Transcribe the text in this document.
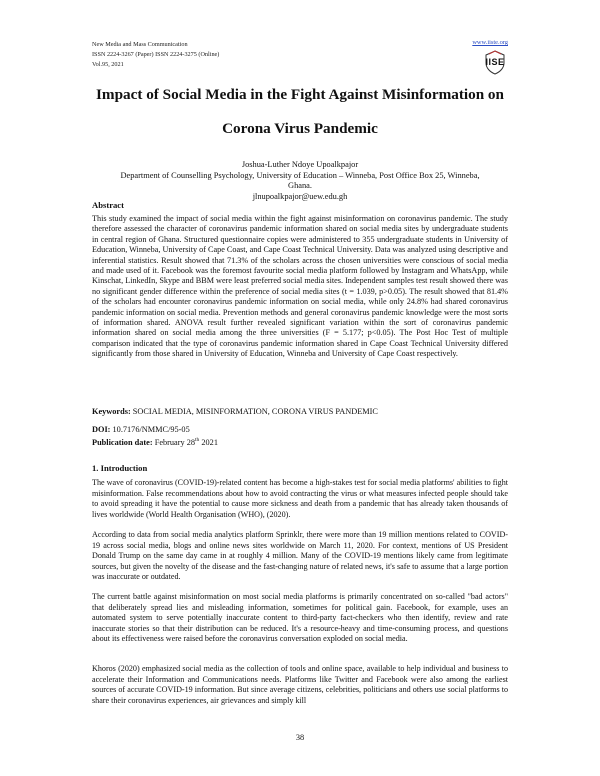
New Media and Mass Communication
ISSN 2224-3267 (Paper) ISSN 2224-3275 (Online)
Vol.95, 2021
www.iiste.org
IISE
Impact of Social Media in the Fight Against Misinformation on
Corona Virus Pandemic
Joshua-Luther Ndoye Upoalkpajor
Department of Counselling Psychology, University of Education – Winneba, Post Office Box 25, Winneba,
Ghana.
jlnupoalkpajor@uew.edu.gh
Abstract
This study examined the impact of social media within the fight against misinformation on coronavirus pandemic. The study therefore assessed the character of coronavirus pandemic information shared on social media sites by undergraduate students in central region of Ghana. Structured questionnaire copies were administered to 355 undergraduate students in University of Education, Winneba, University of Cape Coast, and Cape Coast Technical University. Data was analyzed using descriptive and inferential statistics. Result showed that 71.3% of the scholars across the chosen universities were conscious of social media and made used of it. Facebook was the foremost favourite social media platform followed by Instagram and WhatsApp, while Kinschat, LinkedIn, Skype and BBM were least preferred social media sites. Independent samples test result showed there was no significant gender difference within the preference of social media sites (t = 1.039, p>0.05). The result showed that 81.4% of the scholars had encounter coronavirus pandemic information on social media, while only 24.8% had shared coronavirus pandemic information on social media. Prevention methods and general coronavirus pandemic knowledge were the most sorts of information shared. ANOVA result further revealed significant variation within the sort of coronavirus pandemic information shared on social media among the three universities (F = 5.177; p<0.05). The Post Hoc Test of multiple comparison indicated that the type of coronavirus pandemic information shared in Cape Coast Technical University differed significantly from those shared in University of Education, Winneba and University of Cape Coast respectively.
Keywords: SOCIAL MEDIA, MISINFORMATION, CORONA VIRUS PANDEMIC
DOI: 10.7176/NMMC/95-05
Publication date: February 28th 2021
1. Introduction
The wave of coronavirus (COVID-19)-related content has become a high-stakes test for social media platforms' abilities to fight misinformation. False recommendations about how to avoid contracting the virus or what measures infected people should take to avoid spreading it have the potential to cause more sickness and death from a pandemic that has already taken thousands of lives worldwide (World Health Organisation (WHO), (2020).
According to data from social media analytics platform Sprinklr, there were more than 19 million mentions related to COVID-19 across social media, blogs and online news sites worldwide on March 11, 2020. For context, mentions of US President Donald Trump on the same day came in at roughly 4 million. Many of the COVID-19 mentions likely came from legitimate sources, but given the novelty of the disease and the fast-changing nature of related news, it's safe to assume that a large portion was inaccurate or outdated.
The current battle against misinformation on most social media platforms is primarily concentrated on so-called "bad actors" that deliberately spread lies and misleading information, sometimes for political gain. Facebook, for example, uses an automated system to serve potentially inaccurate content to third-party fact-checkers who then identify, review and rate inaccurate stories so that their distribution can be reduced. It's a resource-heavy and time-consuming process, and questions about its effectiveness were raised before the coronavirus conversation exploded on social media.
Khoros (2020) emphasized social media as the collection of tools and online space, available to help individual and business to accelerate their Information and Communications needs. Platforms like Twitter and Facebook were also among the earliest sources of accurate COVID-19 information. But since average citizens, celebrities, politicians and others use social platforms to share their coronavirus experiences, air grievances and simply kill
38
